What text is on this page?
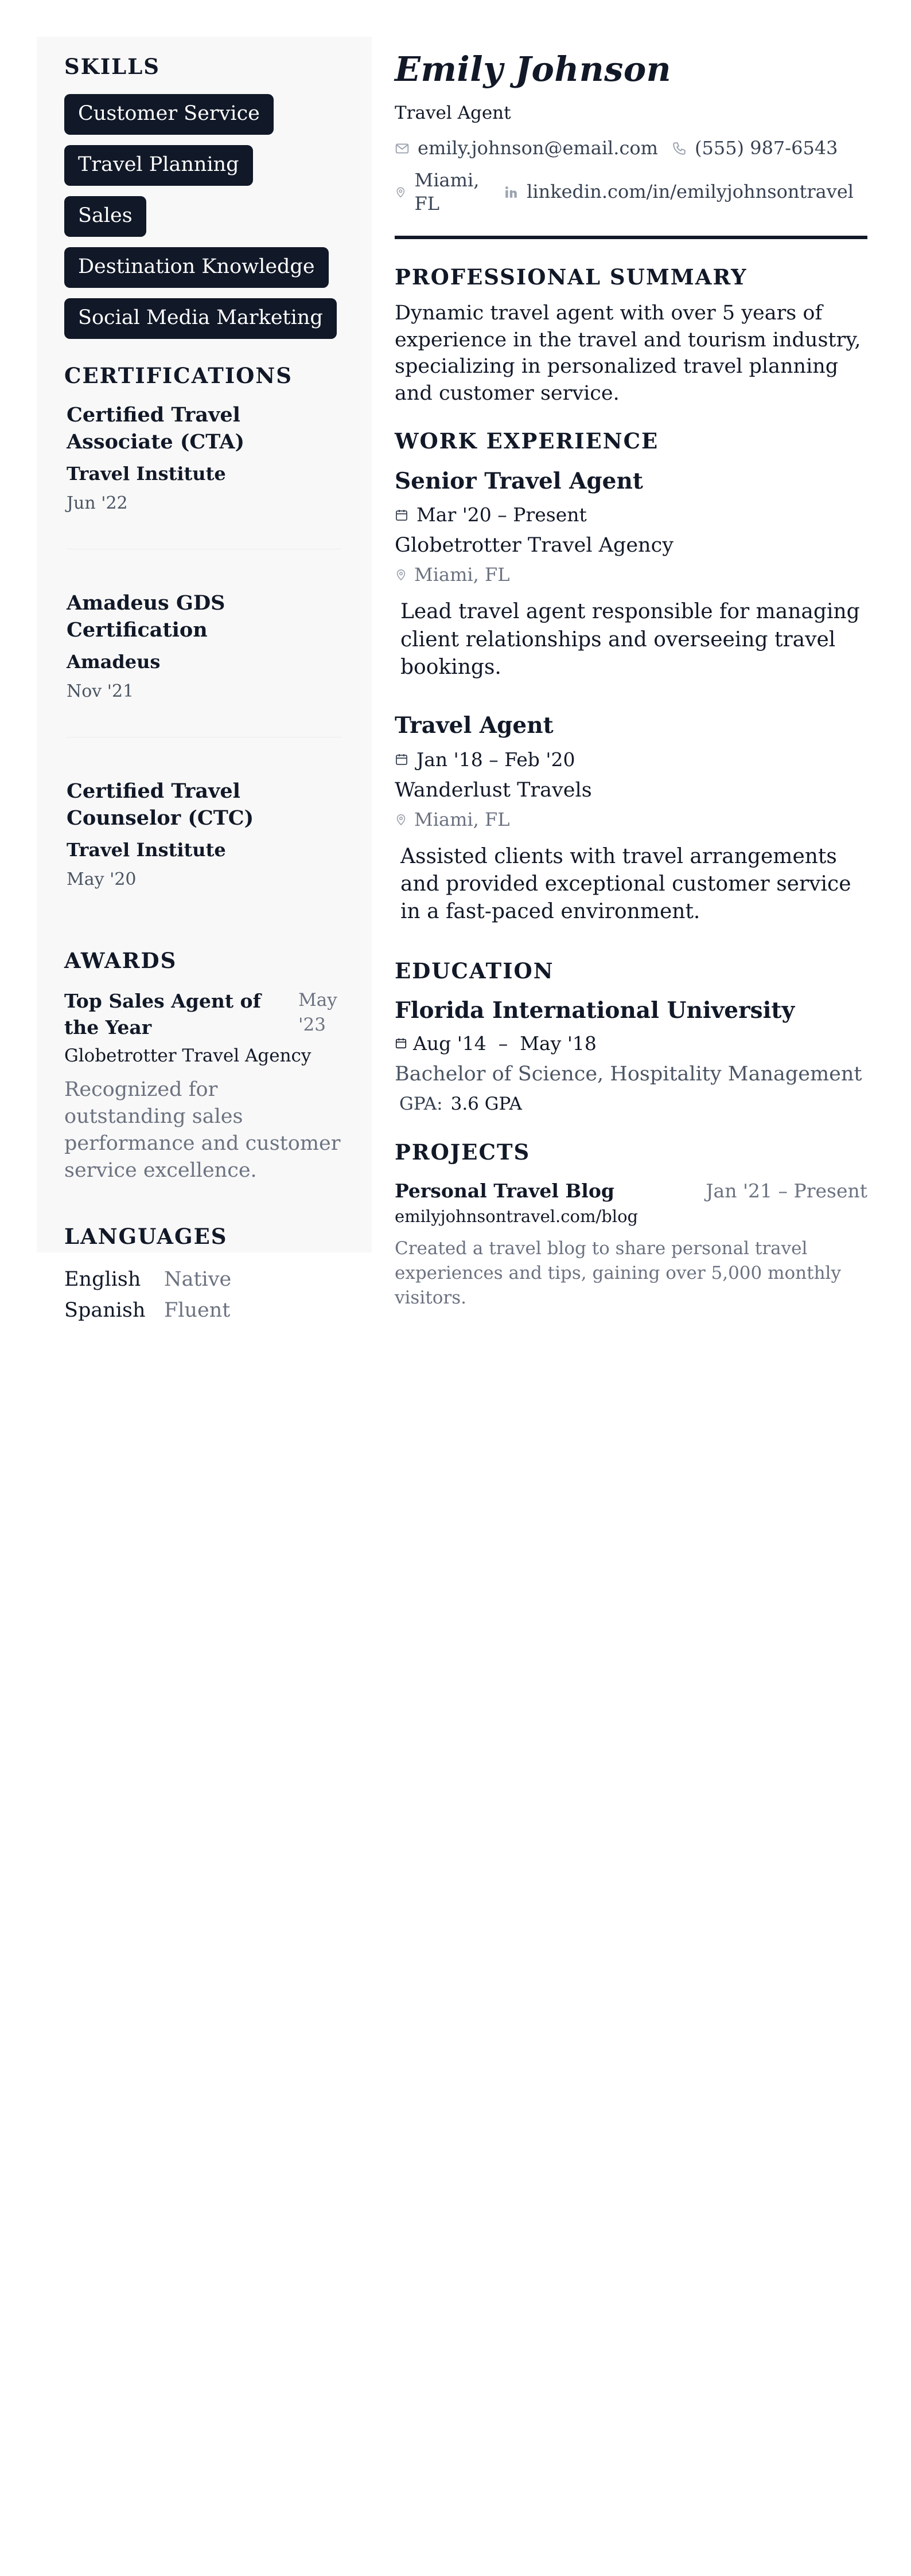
SKILLS
Customer Service
Travel Planning
Sales
Destination Knowledge
Social Media Marketing
CERTIFICATIONS
Certified Travel Associate (CTA)
Travel Institute
Jun '22
Amadeus GDS Certification
Amadeus
Nov '21
Certified Travel Counselor (CTC)
Travel Institute
May '20
AWARDS
Top Sales Agent of the Year
May '23
Globetrotter Travel Agency
Recognized for outstanding sales performance and customer service excellence.
LANGUAGES
English	Native
Spanish Fluent
Emily Johnson
Travel Agent
emily.johnson@email.com (555) 987-6543
Miami, FL
linkedin.com/in/emilyjohnsontravel
PROFESSIONAL SUMMARY
Dynamic travel agent with over 5 years of experience in the travel and tourism industry, specializing in personalized travel planning and customer service.
WORK EXPERIENCE
Senior Travel Agent
Mar '20 – Present
Globetrotter Travel Agency
Miami, FL
Lead travel agent responsible for managing client relationships and overseeing travel bookings.
Travel Agent
Jan '18 – Feb '20
Wanderlust Travels
Miami, FL
Assisted clients with travel arrangements and provided exceptional customer service in a fast-paced environment.
EDUCATION
Florida International University
Aug '14  –  May '18
Bachelor of Science, Hospitality Management
GPA: 3.6 GPA
PROJECTS
Personal Travel Blog	Jan '21 – Present
emilyjohnsontravel.com/blog
Created a travel blog to share personal travel experiences and tips, gaining over 5,000 monthly visitors.
